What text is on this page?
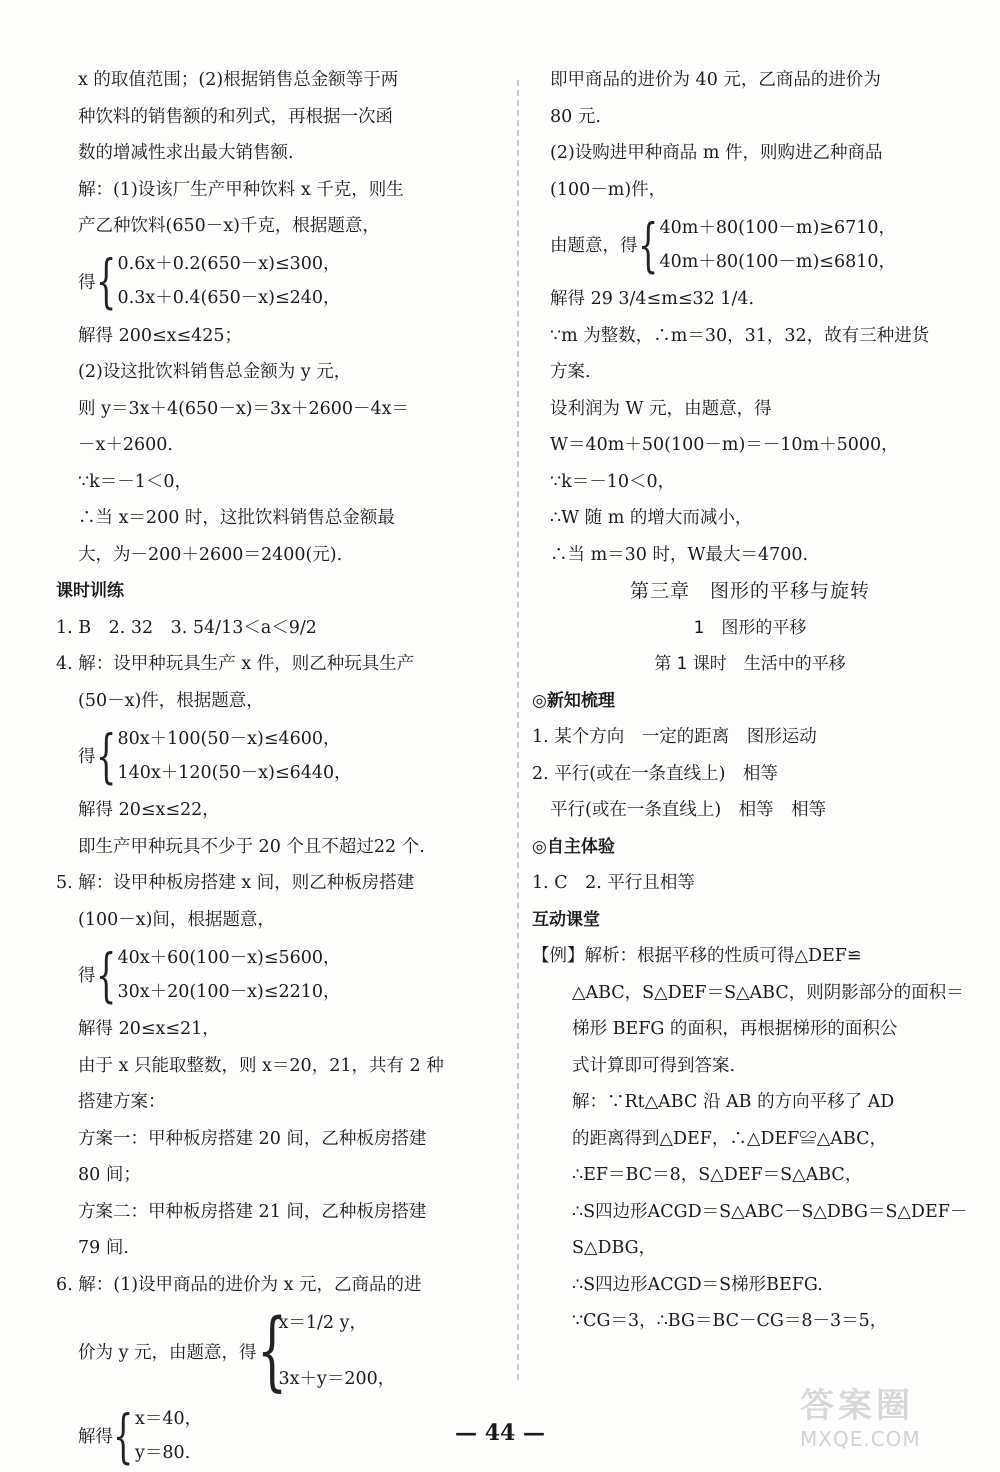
x 的取值范围；(2)根据销售总金额等于两
种饮料的销售额的和列式，再根据一次函
数的增减性求出最大销售额.
解：(1)设该厂生产甲种饮料 x 千克，则生
产乙种饮料(650－x)千克，根据题意，
得 { 0.6x＋0.2(650－x)≤300，
0.3x＋0.4(650－x)≤240，
解得 200≤x≤425；
(2)设这批饮料销售总金额为 y 元，
则 y＝3x＋4(650－x)＝3x＋2600－4x＝
－x＋2600.
∵k＝－1＜0，
∴当 x＝200 时，这批饮料销售总金额最
大，为－200＋2600＝2400(元).
课时训练
1. B　2. 32　3. 54/13＜a＜9/2
4. 解：设甲种玩具生产 x 件，则乙种玩具生产
(50－x)件，根据题意，
得 { 80x＋100(50－x)≤4600，
140x＋120(50－x)≤6440，
解得 20≤x≤22，
即生产甲种玩具不少于 20 个且不超过22 个.
5. 解：设甲种板房搭建 x 间，则乙种板房搭建
(100－x)间，根据题意，
得 { 40x＋60(100－x)≤5600，
30x＋20(100－x)≤2210，
解得 20≤x≤21，
由于 x 只能取整数，则 x＝20，21，共有 2 种
搭建方案：
方案一：甲种板房搭建 20 间，乙种板房搭建
80 间；
方案二：甲种板房搭建 21 间，乙种板房搭建
79 间.
6. 解：(1)设甲商品的进价为 x 元，乙商品的进
价为 y 元，由题意，得 {
x＝1/2 y，
3x＋y＝200，
解得 { x＝40，
y＝80.
即甲商品的进价为 40 元，乙商品的进价为
80 元.
(2)设购进甲种商品 m 件，则购进乙种商品
(100－m)件，
由题意，得 { 40m＋80(100－m)≥6710，
40m＋80(100－m)≤6810，
解得 29 3/4≤m≤32 1/4.
∵m 为整数，∴m＝30，31，32，故有三种进货
方案.
设利润为 W 元，由题意，得
W＝40m＋50(100－m)＝－10m＋5000，
∵k＝－10＜0，
∴W 随 m 的增大而减小，
∴当 m＝30 时，W最大＝4700.
第三章　图形的平移与旋转
1　图形的平移
第 1 课时　生活中的平移
◎新知梳理
1. 某个方向　一定的距离　图形运动
2. 平行(或在一条直线上)　相等
平行(或在一条直线上)　相等　相等
◎自主体验
1. C　2. 平行且相等
互动课堂
【例】解析：根据平移的性质可得△DEF≌
△ABC，S△DEF＝S△ABC，则阴影部分的面积＝
梯形 BEFG 的面积，再根据梯形的面积公
式计算即可得到答案.
解：∵Rt△ABC 沿 AB 的方向平移了 AD
的距离得到△DEF，∴△DEF≌△ABC，
∴EF＝BC＝8，S△DEF＝S△ABC，
∴S四边形ACGD＝S△ABC－S△DBG＝S△DEF－
S△DBG，
∴S四边形ACGD＝S梯形BEFG.
∵CG＝3，∴BG＝BC－CG＝8－3＝5，
— 44 —
答案圈
MXQE.COM
